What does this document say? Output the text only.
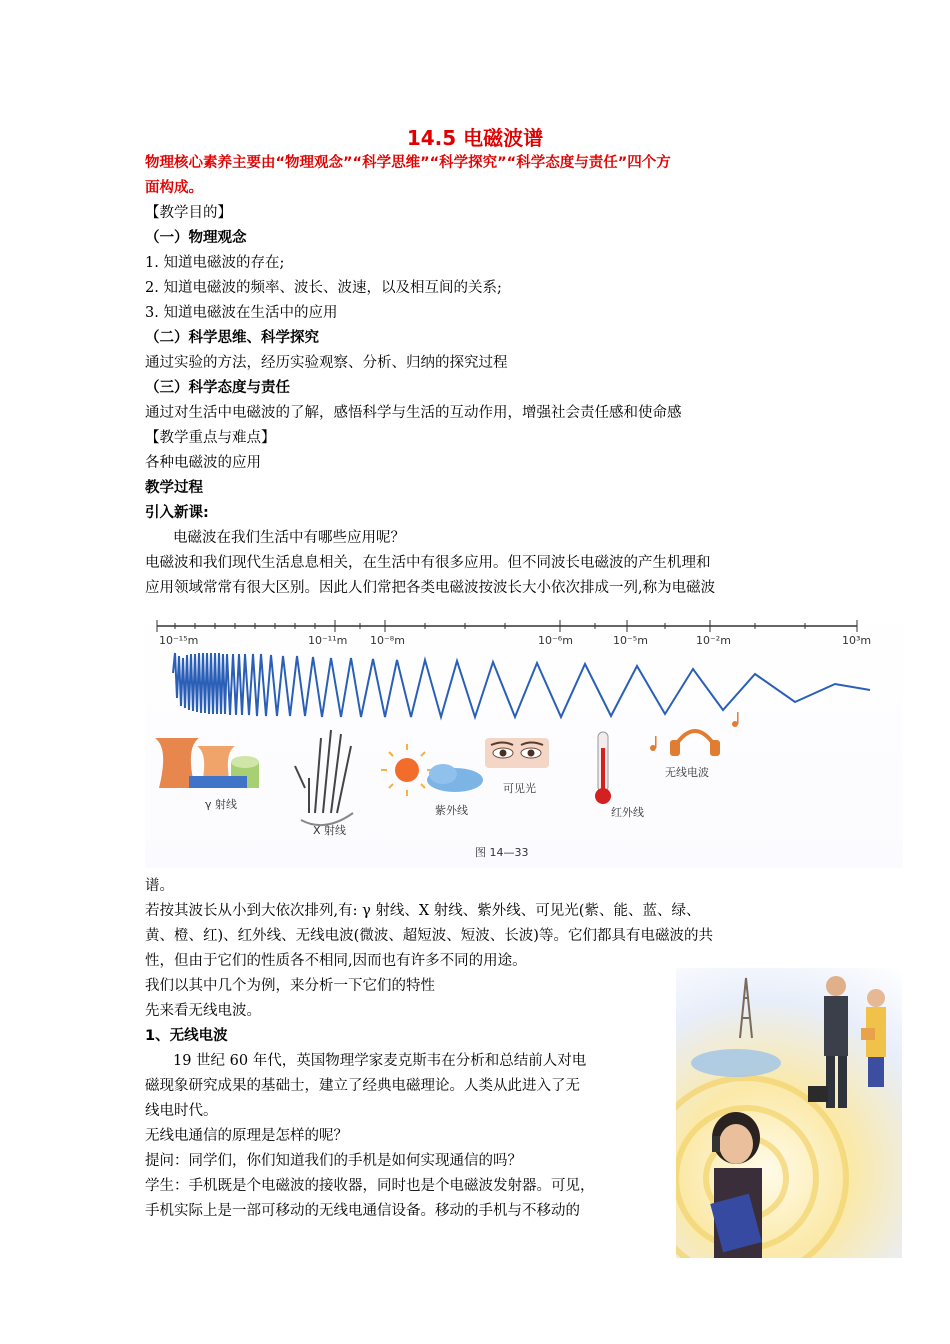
14.5 电磁波谱
物理核心素养主要由“物理观念”“科学思维”“科学探究”“科学态度与责任”四个方
面构成。
【教学目的】
（一）物理观念
1. 知道电磁波的存在;
2. 知道电磁波的频率、波长、波速，以及相互间的关系;
3. 知道电磁波在生活中的应用
（二）科学思维、科学探究
通过实验的方法，经历实验观察、分析、归纳的探究过程
（三）科学态度与责任
通过对生活中电磁波的了解，感悟科学与生活的互动作用，增强社会责任感和使命感
【教学重点与难点】
各种电磁波的应用
教学过程
引入新课:
电磁波在我们生活中有哪些应用呢？
电磁波和我们现代生活息息相关，在生活中有很多应用。但不同波长电磁波的产生机理和
应用领域常常有很大区别。因此人们常把各类电磁波按波长大小依次排成一列,称为电磁波
10⁻¹⁵m	10⁻¹¹m 10⁻⁸m	10⁻⁶m	10⁻⁵m	10⁻²m	10³m
γ 射线
X 射线
紫外线
可见光
红外线
无线电波
图 14—33
谱。
若按其波长从小到大依次排列,有: γ 射线、X 射线、紫外线、可见光(紫、能、蓝、绿、
黄、橙、红)、红外线、无线电波(微波、超短波、短波、长波)等。它们都具有电磁波的共
性，但由于它们的性质各不相同,因而也有许多不同的用途。
我们以其中几个为例，来分析一下它们的特性
先来看无线电波。
1、无线电波
19 世纪 60 年代，英国物理学家麦克斯韦在分析和总结前人对电
磁现象研究成果的基础士，建立了经典电磁理论。人类从此进入了无
线电时代。
无线电通信的原理是怎样的呢？
提问：同学们，你们知道我们的手机是如何实现通信的吗？
学生：手机既是个电磁波的接收器，同时也是个电磁波发射器。可见，
手机实际上是一部可移动的无线电通信设备。移动的手机与不移动的
